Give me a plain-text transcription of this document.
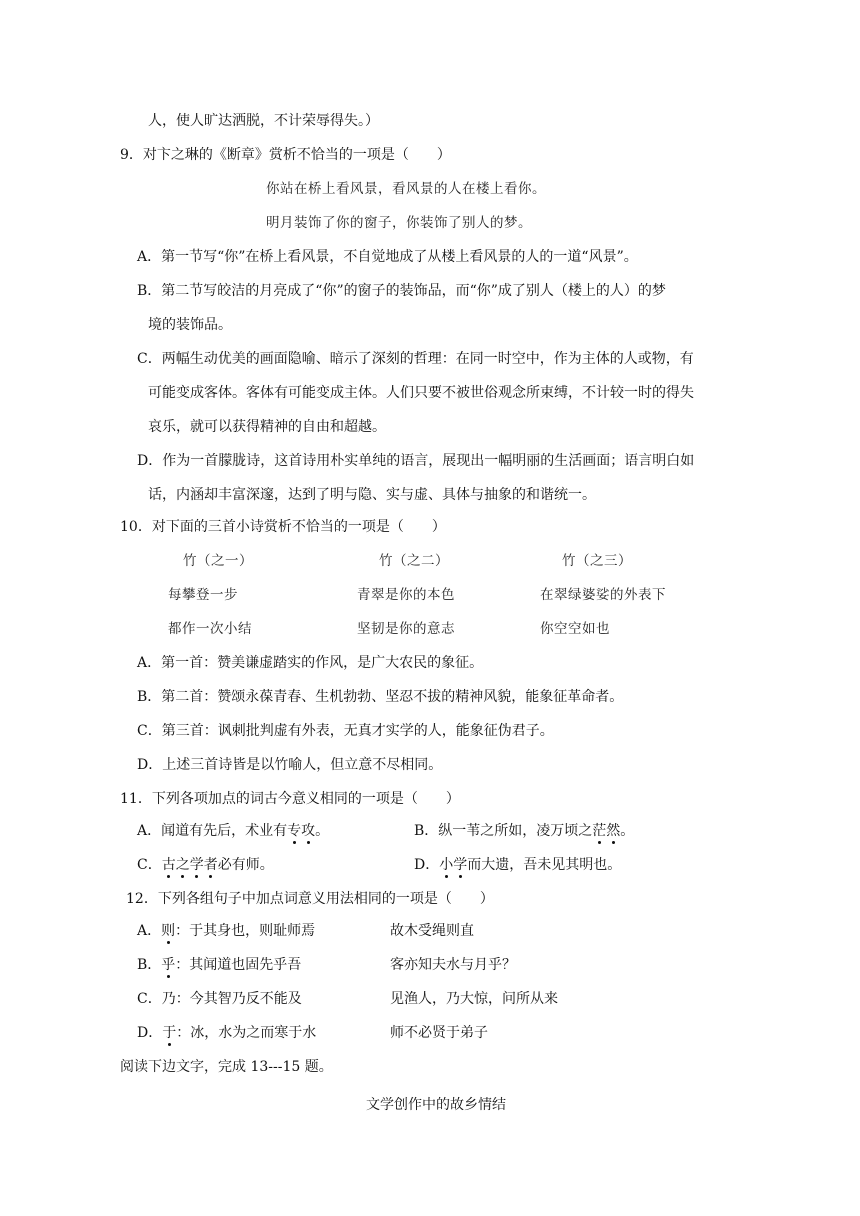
人，使人旷达洒脱，不计荣辱得失。）
9．对卞之琳的《断章》赏析不恰当的一项是（　　）
你站在桥上看风景，看风景的人在楼上看你。
明月装饰了你的窗子，你装饰了别人的梦。
A．第一节写“你”在桥上看风景，不自觉地成了从楼上看风景的人的一道“风景”。
B．第二节写皎洁的月亮成了“你”的窗子的装饰品，而“你”成了别人（楼上的人）的梦
境的装饰品。
C．两幅生动优美的画面隐喻、暗示了深刻的哲理：在同一时空中，作为主体的人或物，有
可能变成客体。客体有可能变成主体。人们只要不被世俗观念所束缚，不计较一时的得失
哀乐，就可以获得精神的自由和超越。
D．作为一首朦胧诗，这首诗用朴实单纯的语言，展现出一幅明丽的生活画面；语言明白如
话，内涵却丰富深邃，达到了明与隐、实与虚、具体与抽象的和谐统一。
10．对下面的三首小诗赏析不恰当的一项是（　　）
竹（之一）	竹（之二）	竹（之三）
每攀登一步	青翠是你的本色	在翠绿婆娑的外表下
都作一次小结	坚韧是你的意志	你空空如也
A．第一首：赞美谦虚踏实的作风，是广大农民的象征。
B．第二首：赞颂永葆青春、生机勃勃、坚忍不拔的精神风貌，能象征革命者。
C．第三首：讽刺批判虚有外表，无真才实学的人，能象征伪君子。
D．上述三首诗皆是以竹喻人，但立意不尽相同。
11．下列各项加点的词古今意义相同的一项是（　　）
A．闻道有先后，术业有专攻。	B．纵一苇之所如，凌万顷之茫然。
C．古之学者必有师。	D．小学而大遗，吾未见其明也。
12．下列各组句子中加点词意义用法相同的一项是（　　）
A．则：于其身也，则耻师焉	故木受绳则直
B．乎：其闻道也固先乎吾	客亦知夫水与月乎？
C．乃：今其智乃反不能及	见渔人，乃大惊，问所从来
D．于：冰，水为之而寒于水	师不必贤于弟子
阅读下边文字，完成 13---15 题。
文学创作中的故乡情结
